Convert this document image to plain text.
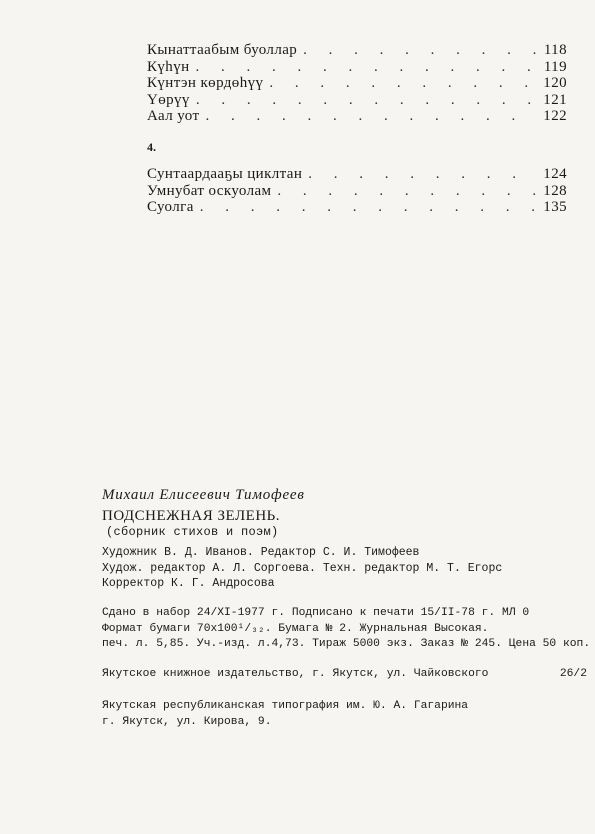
Кынаттаабым буоллар . . .	118
Күһүн . . .	119
Күнтэн көрдөһүү . . .	120
Үөрүү . . .	121
Аал уот . . .	122
4.
Сунтаардааҕы циклтан . . .	124
Умнубат оскуолам . . .	128
Суолга . . .	135
Михаил Елисеевич Тимофеев
ПОДСНЕЖНАЯ ЗЕЛЕНЬ.
(сборник стихов и поэм)
Художник В. Д. Иванов. Редактор С. И. Тимофеев
Худож. редактор А. Л. Соргоева. Техн. редактор М. Т. Егорс
Корректор К. Г. Андросова
Сдано в набор 24/XI-1977 г. Подписано к печати 15/II-78 г. МЛ 0
Формат бумаги 70x100¹/₃₂. Бумага № 2. Журнальная Высокая.
печ. л. 5,85. Уч.-изд. л.4,73. Тираж 5000 экз. Заказ № 245. Цена 50 коп.
Якутское книжное издательство, г. Якутск, ул. Чайковского	26/2
Якутская республиканская типография им. Ю. А. Гагарина
г. Якутск, ул. Кирова, 9.
